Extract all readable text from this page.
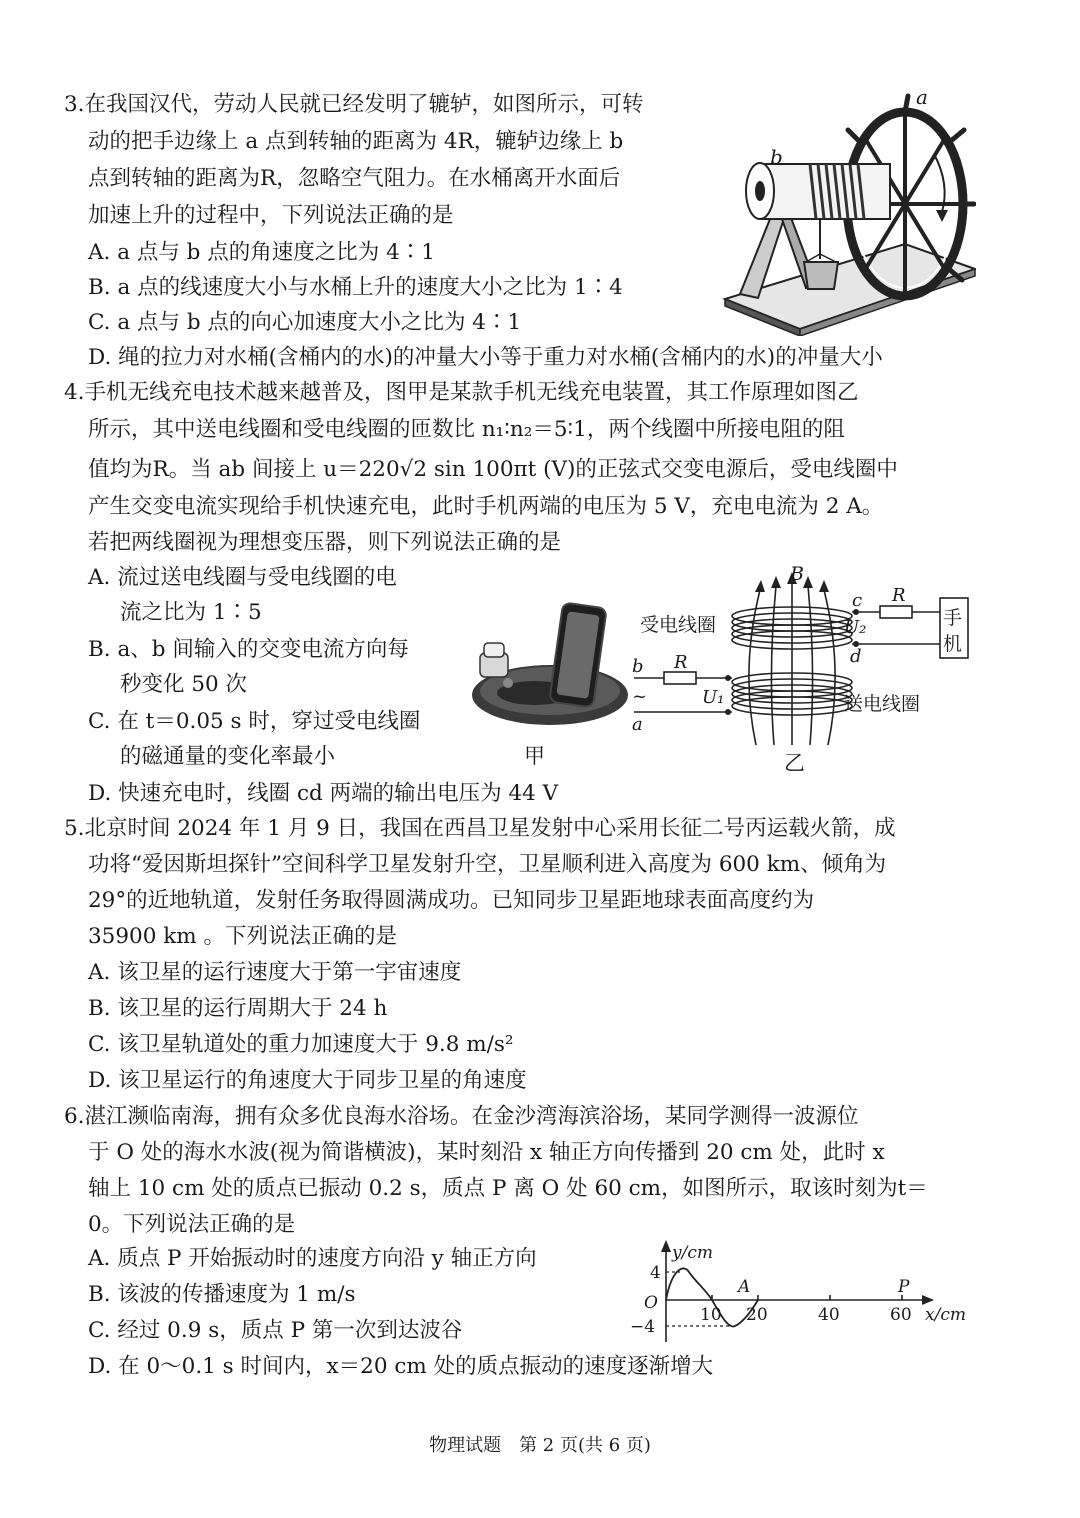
3.在我国汉代，劳动人民就已经发明了辘轳，如图所示，可转
动的把手边缘上 a 点到转轴的距离为 4R，辘轳边缘上 b
点到转轴的距离为R，忽略空气阻力。在水桶离开水面后
加速上升的过程中，下列说法正确的是
A. a 点与 b 点的角速度之比为 4∶1
B. a 点的线速度大小与水桶上升的速度大小之比为 1∶4
C. a 点与 b 点的向心加速度大小之比为 4∶1
D. 绳的拉力对水桶(含桶内的水)的冲量大小等于重力对水桶(含桶内的水)的冲量大小
a
b
4.手机无线充电技术越来越普及，图甲是某款手机无线充电装置，其工作原理如图乙
所示，其中送电线圈和受电线圈的匝数比 n₁∶n₂＝5∶1，两个线圈中所接电阻的阻
值均为R。当 ab 间接上 u＝220√2 sin 100πt (V)的正弦式交变电源后，受电线圈中
产生交变电流实现给手机快速充电，此时手机两端的电压为 5 V，充电电流为 2 A。
若把两线圈视为理想变压器，则下列说法正确的是
A. 流过送电线圈与受电线圈的电
流之比为 1∶5
B. a、b 间输入的交变电流方向每
秒变化 50 次
C. 在 t＝0.05 s 时，穿过受电线圈
的磁通量的变化率最小
D. 快速充电时，线圈 cd 两端的输出电压为 44 V
甲
B
c
d
U₂
R
手
机
受电线圈
b
a
~
R
U₁	送电线圈
乙
5.北京时间 2024 年 1 月 9 日，我国在西昌卫星发射中心采用长征二号丙运载火箭，成
功将“爱因斯坦探针”空间科学卫星发射升空，卫星顺利进入高度为 600 km、倾角为
29°的近地轨道，发射任务取得圆满成功。已知同步卫星距地球表面高度约为
35900 km 。下列说法正确的是
A. 该卫星的运行速度大于第一宇宙速度
B. 该卫星的运行周期大于 24 h
C. 该卫星轨道处的重力加速度大于 9.8 m/s²
D. 该卫星运行的角速度大于同步卫星的角速度
6.湛江濒临南海，拥有众多优良海水浴场。在金沙湾海滨浴场，某同学测得一波源位
于 O 处的海水水波(视为简谐横波)，某时刻沿 x 轴正方向传播到 20 cm 处，此时 x
轴上 10 cm 处的质点已振动 0.2 s，质点 P 离 O 处 60 cm，如图所示，取该时刻为t＝
0。下列说法正确的是
A. 质点 P 开始振动时的速度方向沿 y 轴正方向
B. 该波的传播速度为 1 m/s
C. 经过 0.9 s，质点 P 第一次到达波谷
D. 在 0～0.1 s 时间内，x＝20 cm 处的质点振动的速度逐渐增大
y/cm
x/cm
O
4
−4
10 20	40	60
A	P
物理试题　第 2 页(共 6 页)
